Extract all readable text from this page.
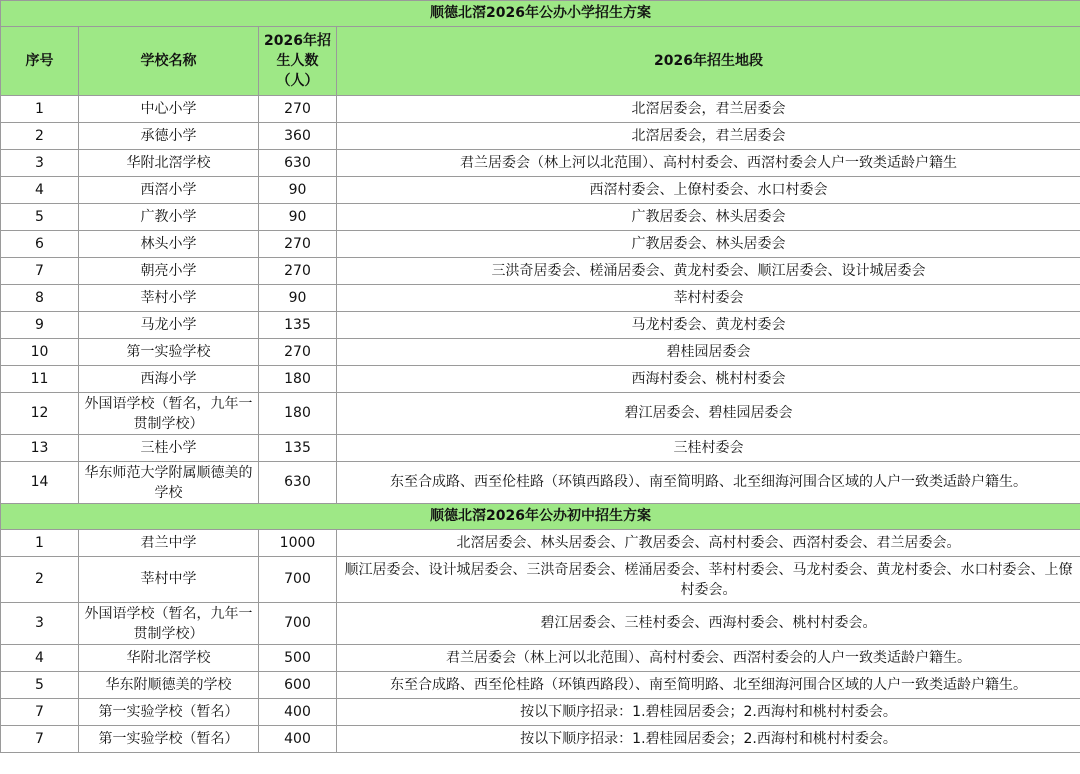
顺德北滘2026年公办小学招生方案			
序号	学校名称	2026年招生人数（人）	2026年招生地段
1	中心小学	270	北滘居委会，君兰居委会
2	承德小学	360	北滘居委会，君兰居委会
3	华附北滘学校	630	君兰居委会（林上河以北范围）、高村村委会、西滘村委会人户一致类适龄户籍生
4	西滘小学	90	西滘村委会、上僚村委会、水口村委会
5	广教小学	90	广教居委会、林头居委会
6	林头小学	270	广教居委会、林头居委会
7	朝亮小学	270	三洪奇居委会、槎涌居委会、黄龙村委会、顺江居委会、设计城居委会
8	莘村小学	90	莘村村委会
9	马龙小学	135	马龙村委会、黄龙村委会
10	第一实验学校	270	碧桂园居委会
11	西海小学	180	西海村委会、桃村村委会
12	外国语学校（暂名，九年一贯制学校）	180	碧江居委会、碧桂园居委会
13	三桂小学	135	三桂村委会
14	华东师范大学附属顺德美的学校	630	东至合成路、西至伦桂路（环镇西路段）、南至简明路、北至细海河围合区域的人户一致类适龄户籍生。
顺德北滘2026年公办初中招生方案			
1	君兰中学	1000	北滘居委会、林头居委会、广教居委会、高村村委会、西滘村委会、君兰居委会。
2	莘村中学	700	顺江居委会、设计城居委会、三洪奇居委会、槎涌居委会、莘村村委会、马龙村委会、黄龙村委会、水口村委会、上僚村委会。
3	外国语学校（暂名，九年一贯制学校）	700	碧江居委会、三桂村委会、西海村委会、桃村村委会。
4	华附北滘学校	500	君兰居委会（林上河以北范围）、高村村委会、西滘村委会的人户一致类适龄户籍生。
5	华东附顺德美的学校	600	东至合成路、西至伦桂路（环镇西路段）、南至简明路、北至细海河围合区域的人户一致类适龄户籍生。
7	第一实验学校（暂名）	400	按以下顺序招录：1.碧桂园居委会；2.西海村和桃村村委会。
7	第一实验学校（暂名）	400	按以下顺序招录：1.碧桂园居委会；2.西海村和桃村村委会。
